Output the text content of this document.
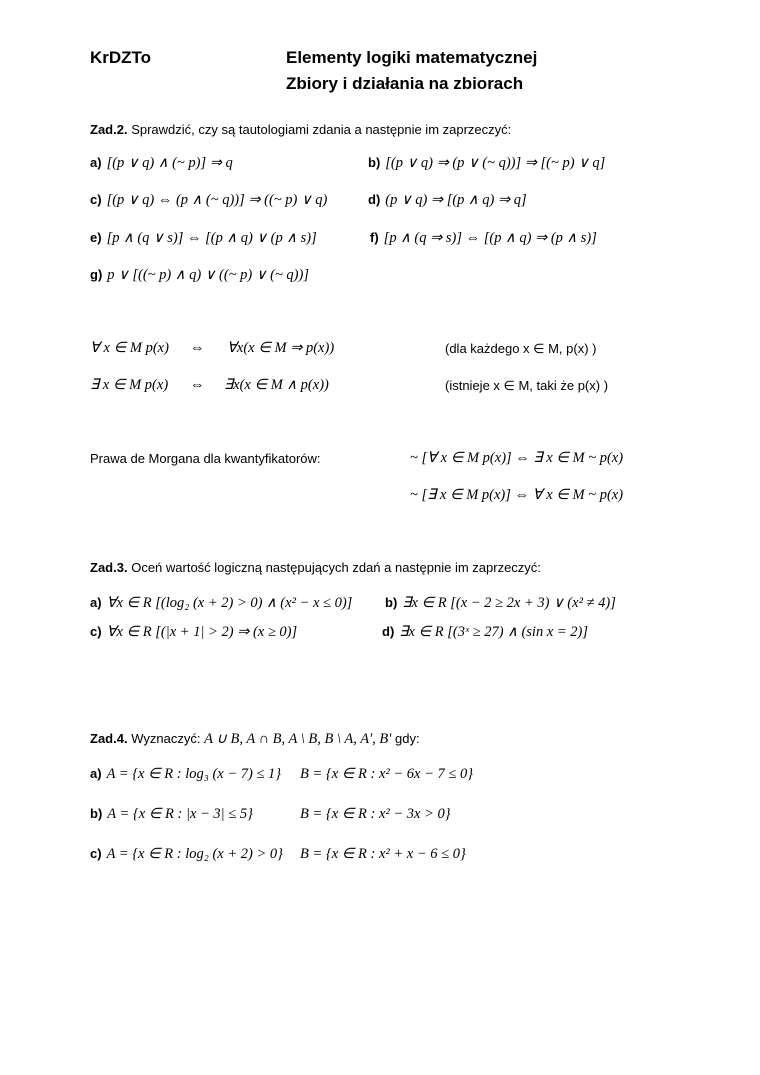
KrDZTo	Elementy logiki matematycznej
Zbiory i działania na zbiorach
Zad.2. Sprawdzić, czy są tautologiami zdania a następnie im zaprzeczyć:
a) [(p ∨ q) ∧ (~ p)] ⇒ q	b) [(p ∨ q) ⇒ (p ∨ (~ q))] ⇒ [(~ p) ∨ q]
c) [(p ∨ q) ⇔ (p ∧ (~ q))] ⇒ ((~ p) ∨ q)	d) (p ∨ q) ⇒ [(p ∧ q) ⇒ q]
e) [p ∧ (q ∨ s)] ⇔ [(p ∧ q) ∨ (p ∧ s)]	f) [p ∧ (q ⇒ s)] ⇔ [(p ∧ q) ⇒ (p ∧ s)]
g) p ∨ [((~ p) ∧ q) ∨ ((~ p) ∨ (~ q))]
∀ x ∈ M p(x) ⇔ ∀x(x ∈ M ⇒ p(x))	(dla każdego x ∈ M, p(x) )
∃ x ∈ M p(x) ⇔ ∃x(x ∈ M ∧ p(x))	(istnieje x ∈ M, taki że p(x) )
Prawa de Morgana dla kwantyfikatorów:	~ [∀ x ∈ M p(x)] ⇔ ∃ x ∈ M ~ p(x)
~ [∃ x ∈ M p(x)] ⇔ ∀ x ∈ M ~ p(x)
Zad.3. Oceń wartość logiczną następujących zdań a następnie im zaprzeczyć:
a) ∀x ∈ R [(log₂ (x + 2) > 0) ∧ (x² − x ≤ 0)]	b) ∃x ∈ R [(x − 2 ≥ 2x + 3) ∨ (x² ≠ 4)]
c) ∀x ∈ R [(|x + 1| > 2) ⇒ (x ≥ 0)]	d) ∃x ∈ R [(3ˣ ≥ 27) ∧ (sin x = 2)]
Zad.4. Wyznaczyć: A ∪ B, A ∩ B, A \ B, B \ A, A', B' gdy:
a) A = {x ∈ R : log₃ (x − 7) ≤ 1} B = {x ∈ R : x² − 6x − 7 ≤ 0}
b) A = {x ∈ R : |x − 3| ≤ 5}	B = {x ∈ R : x² − 3x > 0}
c) A = {x ∈ R : log₂ (x + 2) > 0} B = {x ∈ R : x² + x − 6 ≤ 0}
